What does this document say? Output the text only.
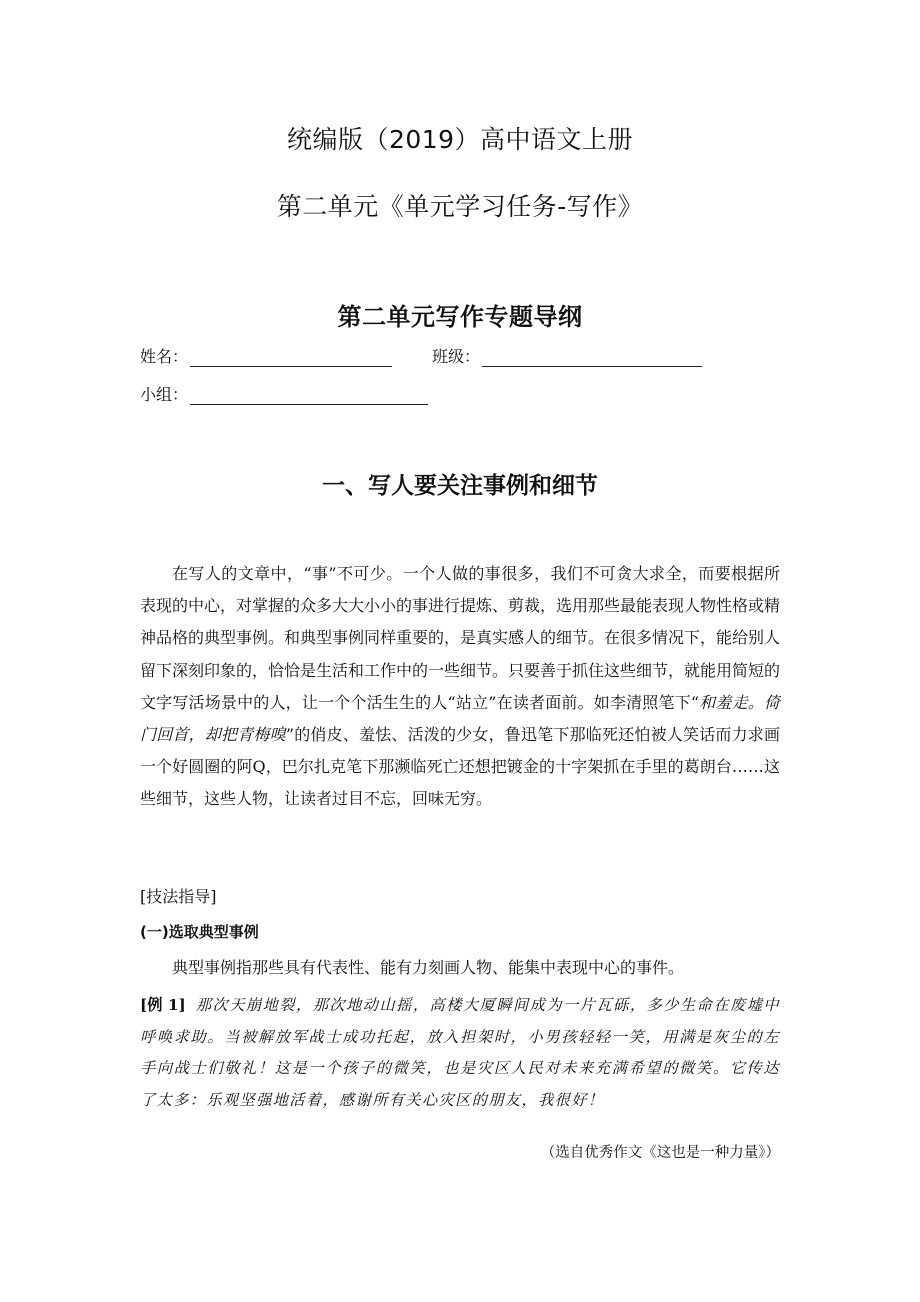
统编版（2019）高中语文上册
第二单元《单元学习任务-写作》
第二单元写作专题导纲
姓名：	班级：
小组：
一、写人要关注事例和细节

在写人的文章中，“事”不可少。一个人做的事很多，我们不可贪大求全，而要根据所表现的中心，对掌握的众多大大小小的事进行提炼、剪裁，选用那些最能表现人物性格或精神品格的典型事例。和典型事例同样重要的，是真实感人的细节。在很多情况下，能给别人留下深刻印象的，恰恰是生活和工作中的一些细节。只要善于抓住这些细节，就能用简短的文字写活场景中的人，让一个个活生生的人“站立”在读者面前。如李清照笔下“和羞走。倚门回首，却把青梅嗅”的俏皮、羞怯、活泼的少女，鲁迅笔下那临死还怕被人笑话而力求画一个好圆圈的阿Q，巴尔扎克笔下那濒临死亡还想把镀金的十字架抓在手里的葛朗台……这些细节，这些人物，让读者过目不忘，回味无穷。

[技法指导]

(一)选取典型事例

典型事例指那些具有代表性、能有力刻画人物、能集中表现中心的事件。

[例 1] 那次天崩地裂，那次地动山摇，高楼大厦瞬间成为一片瓦砾，多少生命在废墟中呼唤求助。当被解放军战士成功托起，放入担架时，小男孩轻轻一笑，用满是灰尘的左手向战士们敬礼！这是一个孩子的微笑，也是灾区人民对未来充满希望的微笑。它传达了太多：乐观坚强地活着，感谢所有关心灾区的朋友，我很好！

（选自优秀作文《这也是一种力量》）
